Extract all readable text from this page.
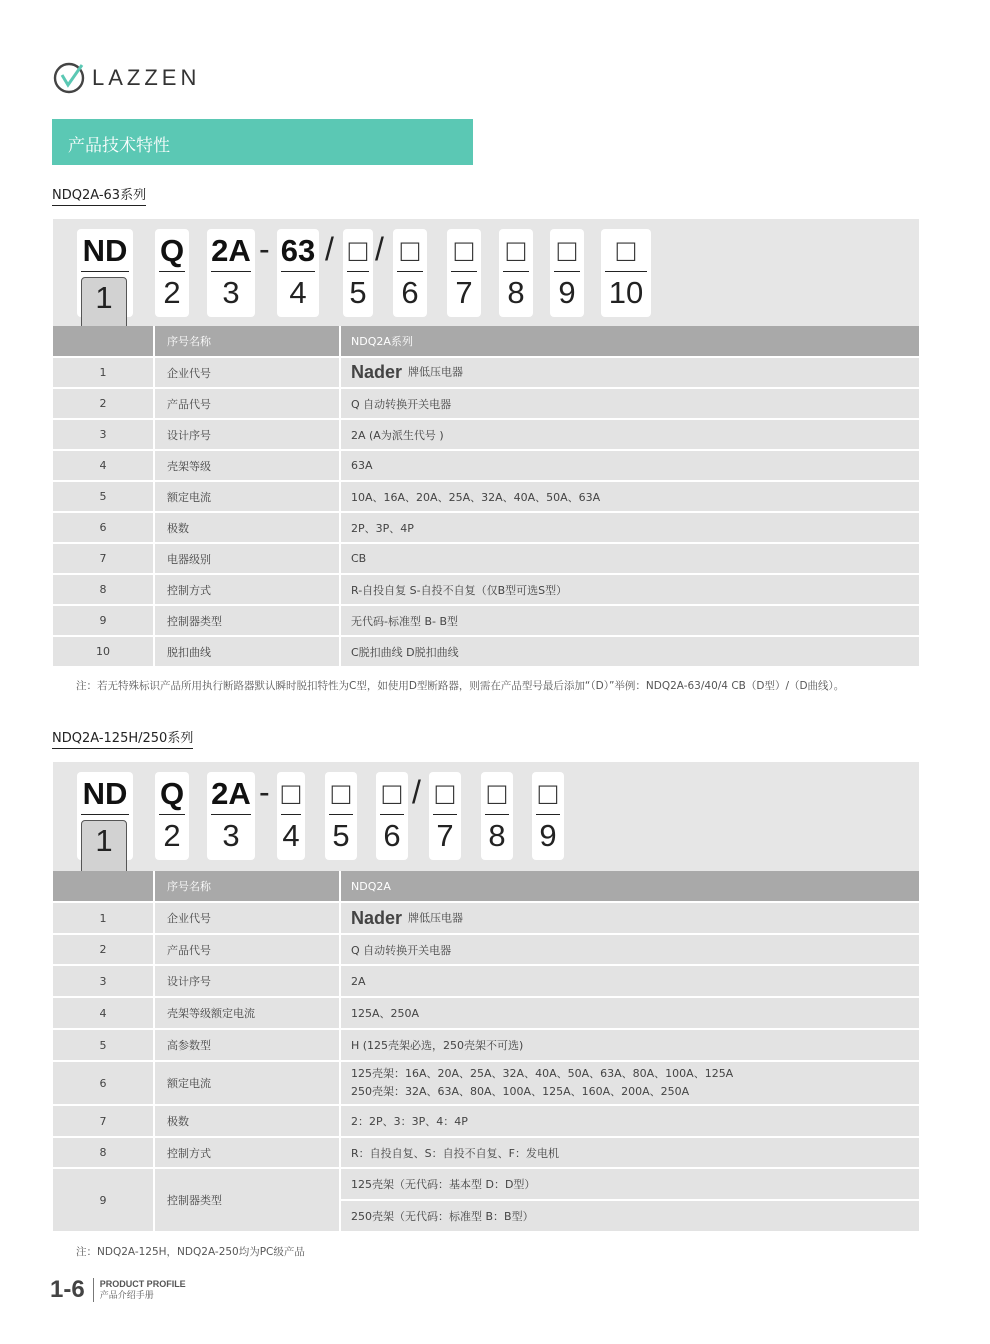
LAZZEN
产品技术特性
NDQ2A-63系列
ND
1
Q
2
2A
3
- 63
4
/ □
5
/ □
6
□
7
□
8
□
9
□
10
	序号名称	NDQ2A系列
1	企业代号	Nader 牌低压电器
2	产品代号	Q 自动转换开关电器
3	设计序号	2A (A为派生代号 )
4	壳架等级	63A
5	额定电流	10A、16A、20A、25A、32A、40A、50A、63A
6	极数	2P、3P、4P
7	电器级别	CB
8	控制方式	R-自投自复 S-自投不自复（仅B型可选S型）
9	控制器类型	无代码-标准型 B- B型
10	脱扣曲线	C脱扣曲线 D脱扣曲线
注：若无特殊标识产品所用执行断路器默认瞬时脱扣特性为C型，如使用D型断路器，则需在产品型号最后添加“（D）”举例：NDQ2A-63/40/4 CB（D型）/（D曲线）。
NDQ2A-125H/250系列
ND
1
Q
2
2A
3
- □
4
□
5
□
6
/ □
7
□
8
□
9
	序号名称	NDQ2A
1	企业代号	Nader 牌低压电器
2	产品代号	Q 自动转换开关电器
3	设计序号	2A
4	壳架等级额定电流	125A、250A
5	高参数型	H (125壳架必选，250壳架不可选)
6	额定电流	125壳架：16A、20A、25A、32A、40A、50A、63A、80A、100A、125A
250壳架：32A、63A、80A、100A、125A、160A、200A、250A
7	极数	2：2P、3：3P、4：4P
8	控制方式	R：自投自复、S：自投不自复、F：发电机
9	控制器类型	125壳架（无代码：基本型 D：D型）
		250壳架（无代码：标准型 B：B型）
注：NDQ2A-125H，NDQ2A-250均为PC级产品
1-6 PRODUCT PROFILE
产品介绍手册
